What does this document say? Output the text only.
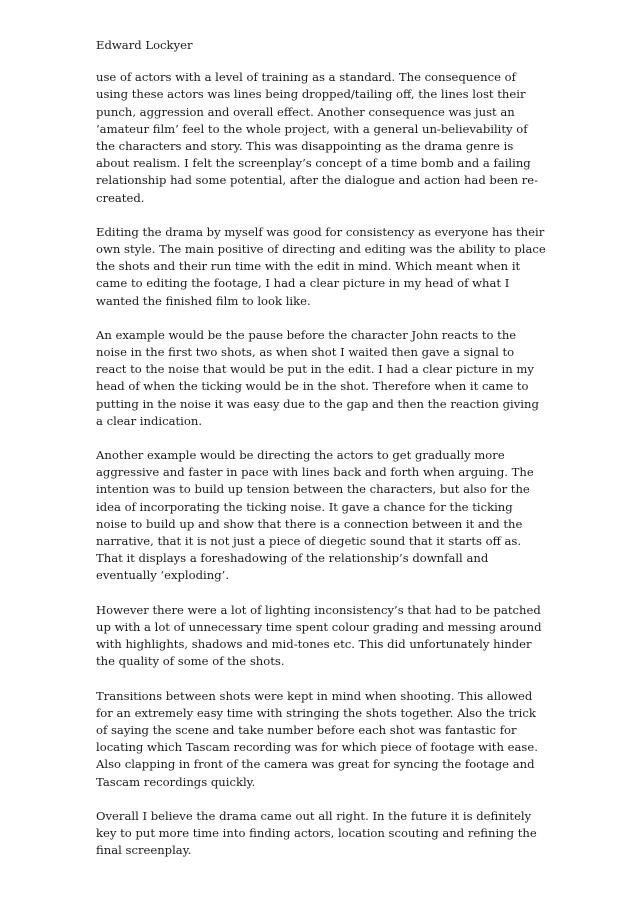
Edward Lockyer

use of actors with a level of training as a standard. The consequence of using these actors was lines being dropped/tailing off, the lines lost their punch, aggression and overall effect. Another consequence was just an ‘amateur film’ feel to the whole project, with a general un-believability of the characters and story. This was disappointing as the drama genre is about realism. I felt the screenplay’s concept of a time bomb and a failing relationship had some potential, after the dialogue and action had been re-created.

Editing the drama by myself was good for consistency as everyone has their own style. The main positive of directing and editing was the ability to place the shots and their run time with the edit in mind. Which meant when it came to editing the footage, I had a clear picture in my head of what I wanted the finished film to look like.

An example would be the pause before the character John reacts to the noise in the first two shots, as when shot I waited then gave a signal to react to the noise that would be put in the edit. I had a clear picture in my head of when the ticking would be in the shot. Therefore when it came to putting in the noise it was easy due to the gap and then the reaction giving a clear indication.

Another example would be directing the actors to get gradually more aggressive and faster in pace with lines back and forth when arguing. The intention was to build up tension between the characters, but also for the idea of incorporating the ticking noise. It gave a chance for the ticking noise to build up and show that there is a connection between it and the narrative, that it is not just a piece of diegetic sound that it starts off as. That it displays a foreshadowing of the relationship’s downfall and eventually ‘exploding’.

However there were a lot of lighting inconsistency’s that had to be patched up with a lot of unnecessary time spent colour grading and messing around with highlights, shadows and mid-tones etc. This did unfortunately hinder the quality of some of the shots.

Transitions between shots were kept in mind when shooting. This allowed for an extremely easy time with stringing the shots together. Also the trick of saying the scene and take number before each shot was fantastic for locating which Tascam recording was for which piece of footage with ease. Also clapping in front of the camera was great for syncing the footage and Tascam recordings quickly.

Overall I believe the drama came out all right. In the future it is definitely key to put more time into finding actors, location scouting and refining the final screenplay.
